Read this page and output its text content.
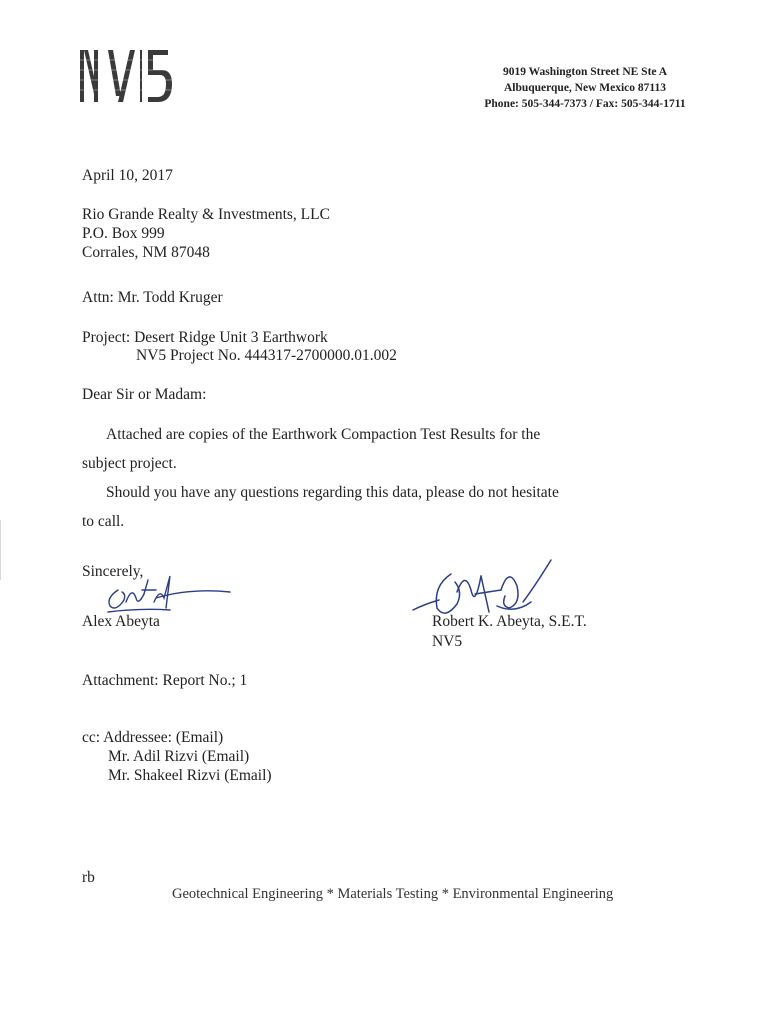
9019 Washington Street NE Ste A
Albuquerque, New Mexico 87113
Phone: 505-344-7373 / Fax: 505-344-1711
April 10, 2017
Rio Grande Realty & Investments, LLC
P.O. Box 999
Corrales, NM 87048
Attn: Mr. Todd Kruger
Project: Desert Ridge Unit 3 Earthwork
NV5 Project No. 444317-2700000.01.002
Dear Sir or Madam:
Attached are copies of the Earthwork Compaction Test Results for the
subject project.
Should you have any questions regarding this data, please do not hesitate
to call.
Sincerely,
Alex Abeyta	Robert K. Abeyta, S.E.T.
NV5
Attachment: Report No.; 1
cc: Addressee: (Email)
Mr. Adil Rizvi (Email)
Mr. Shakeel Rizvi (Email)
rb
Geotechnical Engineering * Materials Testing * Environmental Engineering
